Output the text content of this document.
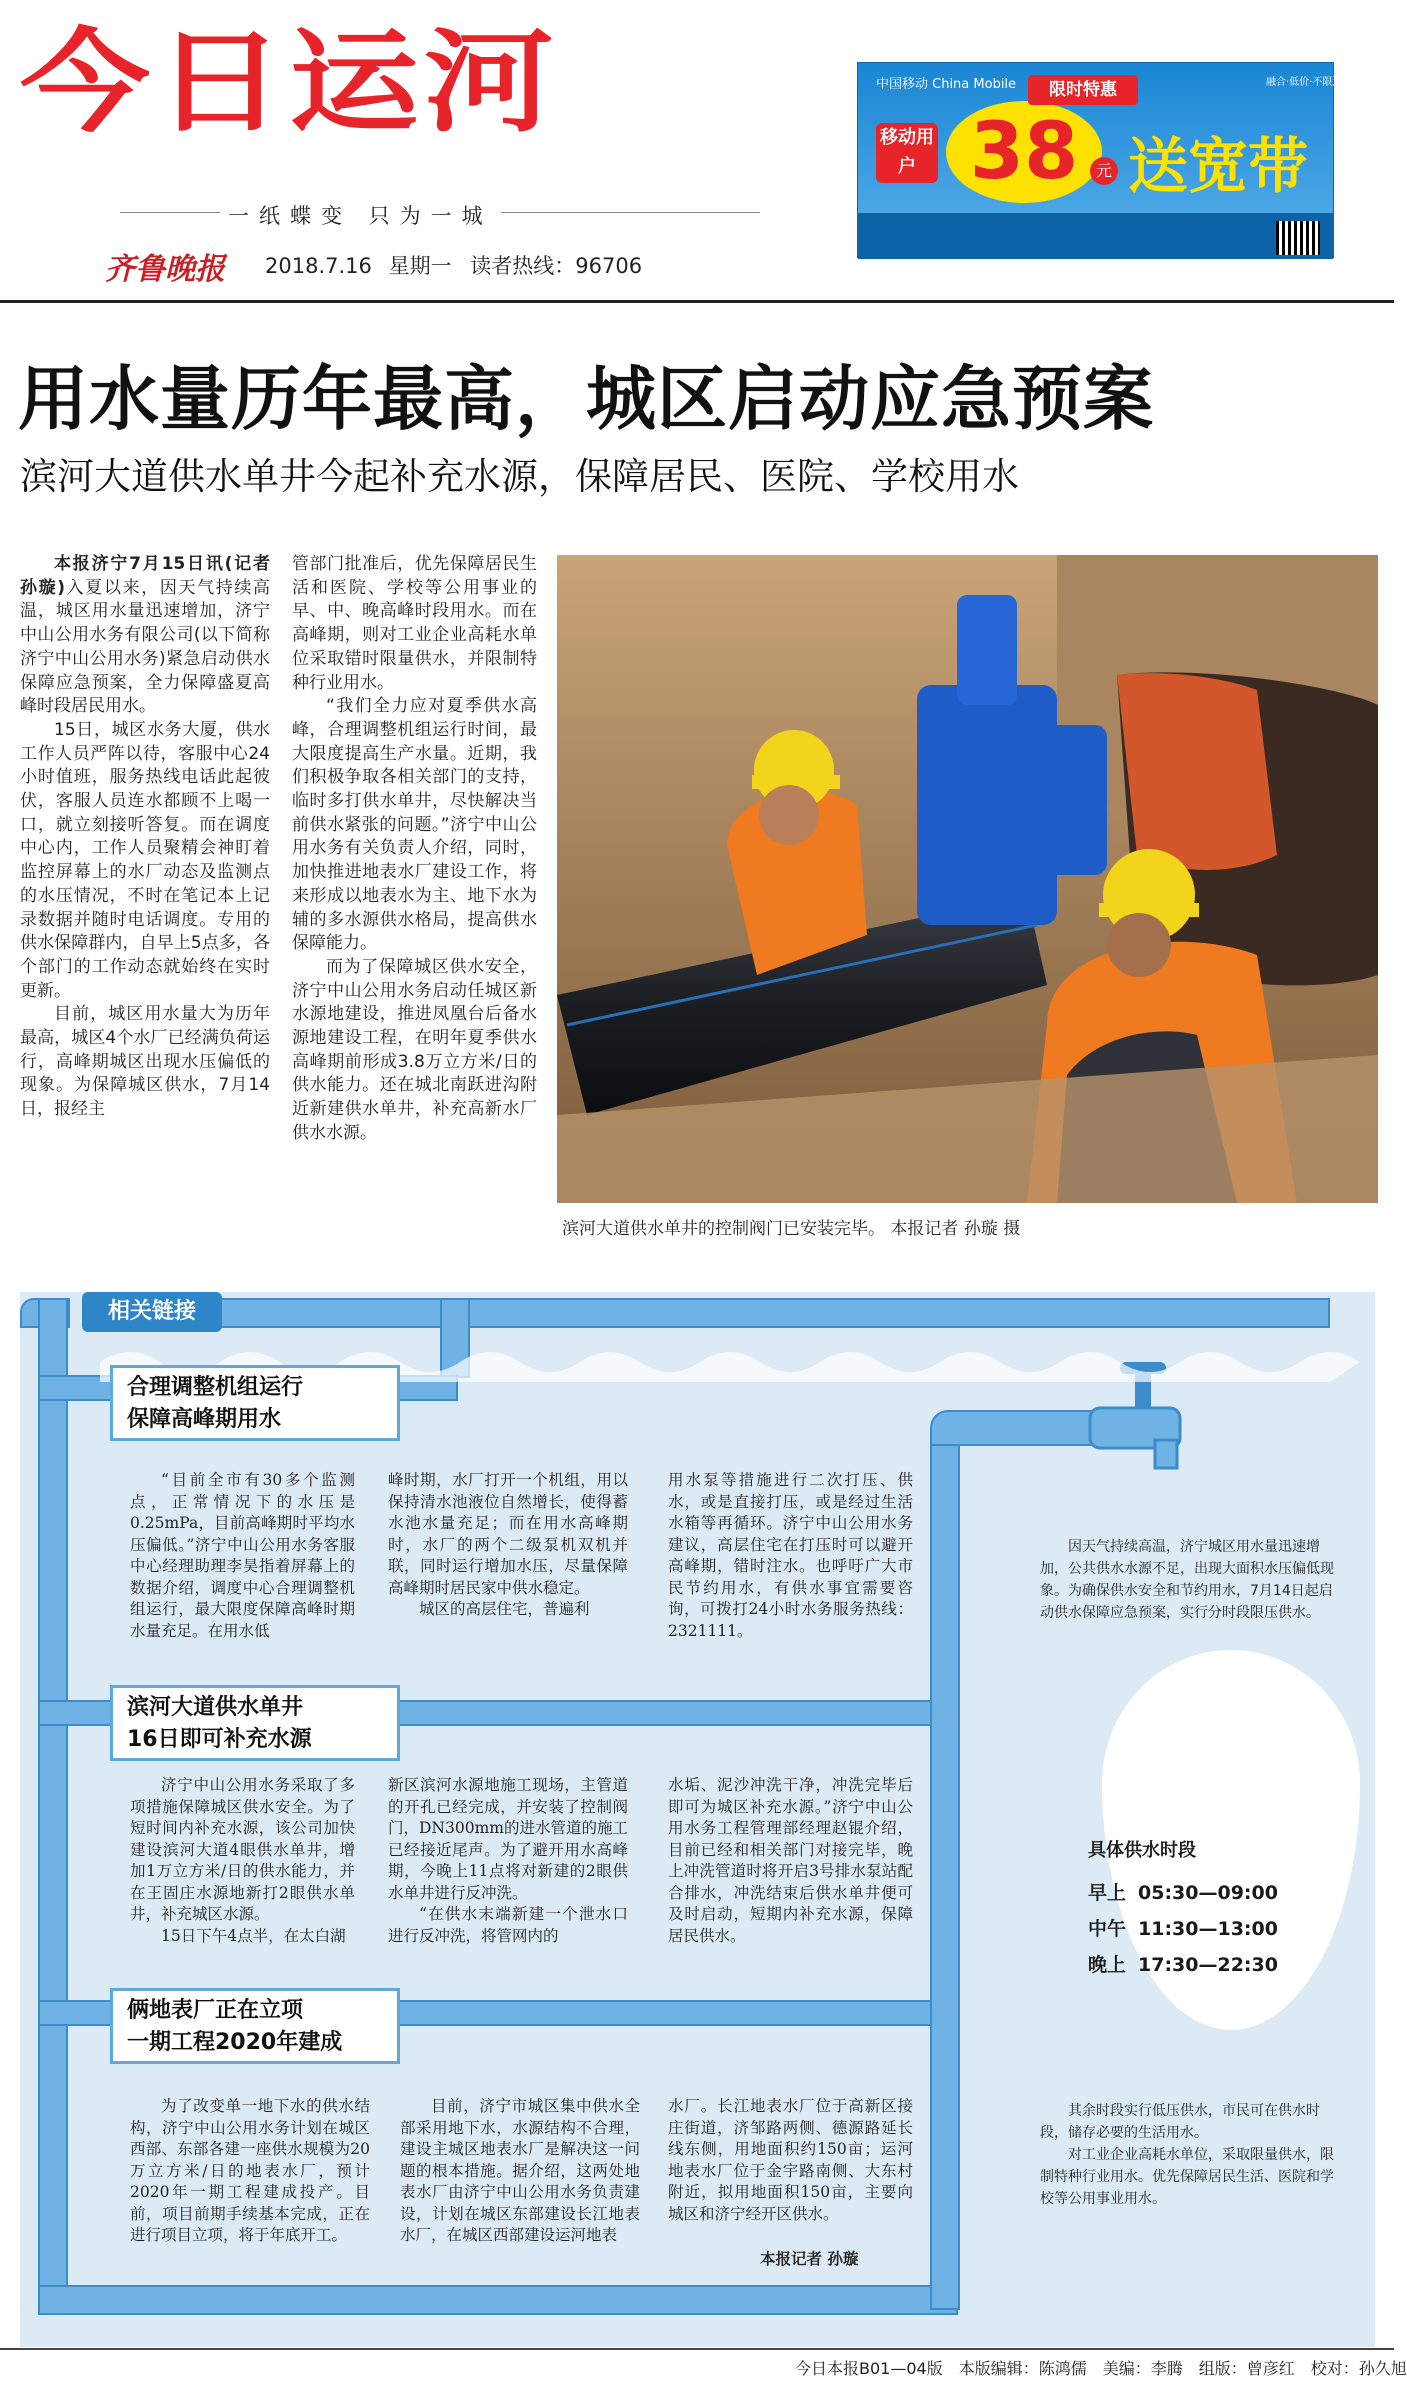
今日运河
一纸蝶变 只为一城
齐鲁晚报 2018.7.16 星期一 读者热线：96706
中国移动 China Mobile	融合·低价·不限速·多终端
移动用户 38
限时特惠
元 送宽带
用水量历年最高，城区启动应急预案
滨河大道供水单井今起补充水源，保障居民、医院、学校用水

本报济宁7月15日讯(记者 孙璇)入夏以来，因天气持续高温，城区用水量迅速增加，济宁中山公用水务有限公司(以下简称济宁中山公用水务)紧急启动供水保障应急预案，全力保障盛夏高峰时段居民用水。

15日，城区水务大厦，供水工作人员严阵以待，客服中心24小时值班，服务热线电话此起彼伏，客服人员连水都顾不上喝一口，就立刻接听答复。而在调度中心内，工作人员聚精会神盯着监控屏幕上的水厂动态及监测点的水压情况，不时在笔记本上记录数据并随时电话调度。专用的供水保障群内，自早上5点多，各个部门的工作动态就始终在实时更新。

目前，城区用水量大为历年最高，城区4个水厂已经满负荷运行，高峰期城区出现水压偏低的现象。为保障城区供水，7月14日，报经主

管部门批准后，优先保障居民生活和医院、学校等公用事业的早、中、晚高峰时段用水。而在高峰期，则对工业企业高耗水单位采取错时限量供水，并限制特种行业用水。

“我们全力应对夏季供水高峰，合理调整机组运行时间，最大限度提高生产水量。近期，我们积极争取各相关部门的支持，临时多打供水单井，尽快解决当前供水紧张的问题。”济宁中山公用水务有关负责人介绍，同时，加快推进地表水厂建设工作，将来形成以地表水为主、地下水为辅的多水源供水格局，提高供水保障能力。

而为了保障城区供水安全，济宁中山公用水务启动任城区新水源地建设，推进凤凰台后备水源地建设工程，在明年夏季供水高峰期前形成3.8万立方米/日的供水能力。还在城北南跃进沟附近新建供水单井，补充高新水厂供水水源。

滨河大道供水单井的控制阀门已安装完毕。 本报记者 孙璇 摄
相关链接
合理调整机组运行
保障高峰期用水

“目前全市有30多个监测点，正常情况下的水压是0.25mPa，目前高峰期时平均水压偏低。”济宁中山公用水务客服中心经理助理李昊指着屏幕上的数据介绍，调度中心合理调整机组运行，最大限度保障高峰时期水量充足。在用水低

峰时期，水厂打开一个机组，用以保持清水池液位自然增长，使得蓄水池水量充足；而在用水高峰期时，水厂的两个二级泵机双机并联，同时运行增加水压，尽量保障高峰期时居民家中供水稳定。

城区的高层住宅，普遍利

用水泵等措施进行二次打压、供水，或是直接打压，或是经过生活水箱等再循环。济宁中山公用水务建议，高层住宅在打压时可以避开高峰期，错时注水。也呼吁广大市民节约用水，有供水事宜需要咨询，可拨打24小时水务服务热线：2321111。

滨河大道供水单井
16日即可补充水源

济宁中山公用水务采取了多项措施保障城区供水安全。为了短时间内补充水源，该公司加快建设滨河大道4眼供水单井，增加1万立方米/日的供水能力，并在王固庄水源地新打2眼供水单井，补充城区水源。

15日下午4点半，在太白湖

新区滨河水源地施工现场，主管道的开孔已经完成，并安装了控制阀门，DN300mm的进水管道的施工已经接近尾声。为了避开用水高峰期，今晚上11点将对新建的2眼供水单井进行反冲洗。

“在供水末端新建一个泄水口进行反冲洗，将管网内的

水垢、泥沙冲洗干净，冲洗完毕后即可为城区补充水源。”济宁中山公用水务工程管理部经理赵锟介绍，目前已经和相关部门对接完毕，晚上冲洗管道时将开启3号排水泵站配合排水，冲洗结束后供水单井便可及时启动，短期内补充水源，保障居民供水。

俩地表厂正在立项
一期工程2020年建成

为了改变单一地下水的供水结构，济宁中山公用水务计划在城区西部、东部各建一座供水规模为20万立方米/日的地表水厂，预计2020年一期工程建成投产。目前，项目前期手续基本完成，正在进行项目立项，将于年底开工。

目前，济宁市城区集中供水全部采用地下水，水源结构不合理，建设主城区地表水厂是解决这一问题的根本措施。据介绍，这两处地表水厂由济宁中山公用水务负责建设，计划在城区东部建设长江地表水厂，在城区西部建设运河地表

水厂。长江地表水厂位于高新区接庄街道，济邹路两侧、德源路延长线东侧，用地面积约150亩；运河地表水厂位于金宇路南侧、大东村附近，拟用地面积150亩，主要向城区和济宁经开区供水。

本报记者 孙璇

因天气持续高温，济宁城区用水量迅速增加，公共供水水源不足，出现大面积水压偏低现象。为确保供水安全和节约用水，7月14日起启动供水保障应急预案，实行分时段限压供水。

具体供水时段
早上 05:30—09:00
中午 11:30—13:00
晚上 17:30—22:30

其余时段实行低压供水，市民可在供水时段，储存必要的生活用水。

对工业企业高耗水单位，采取限量供水，限制特种行业用水。优先保障居民生活、医院和学校等公用事业用水。

今日本报B01—04版　本版编辑：陈鸿儒　美编：李腾　组版：曾彦红　校对：孙久旭
